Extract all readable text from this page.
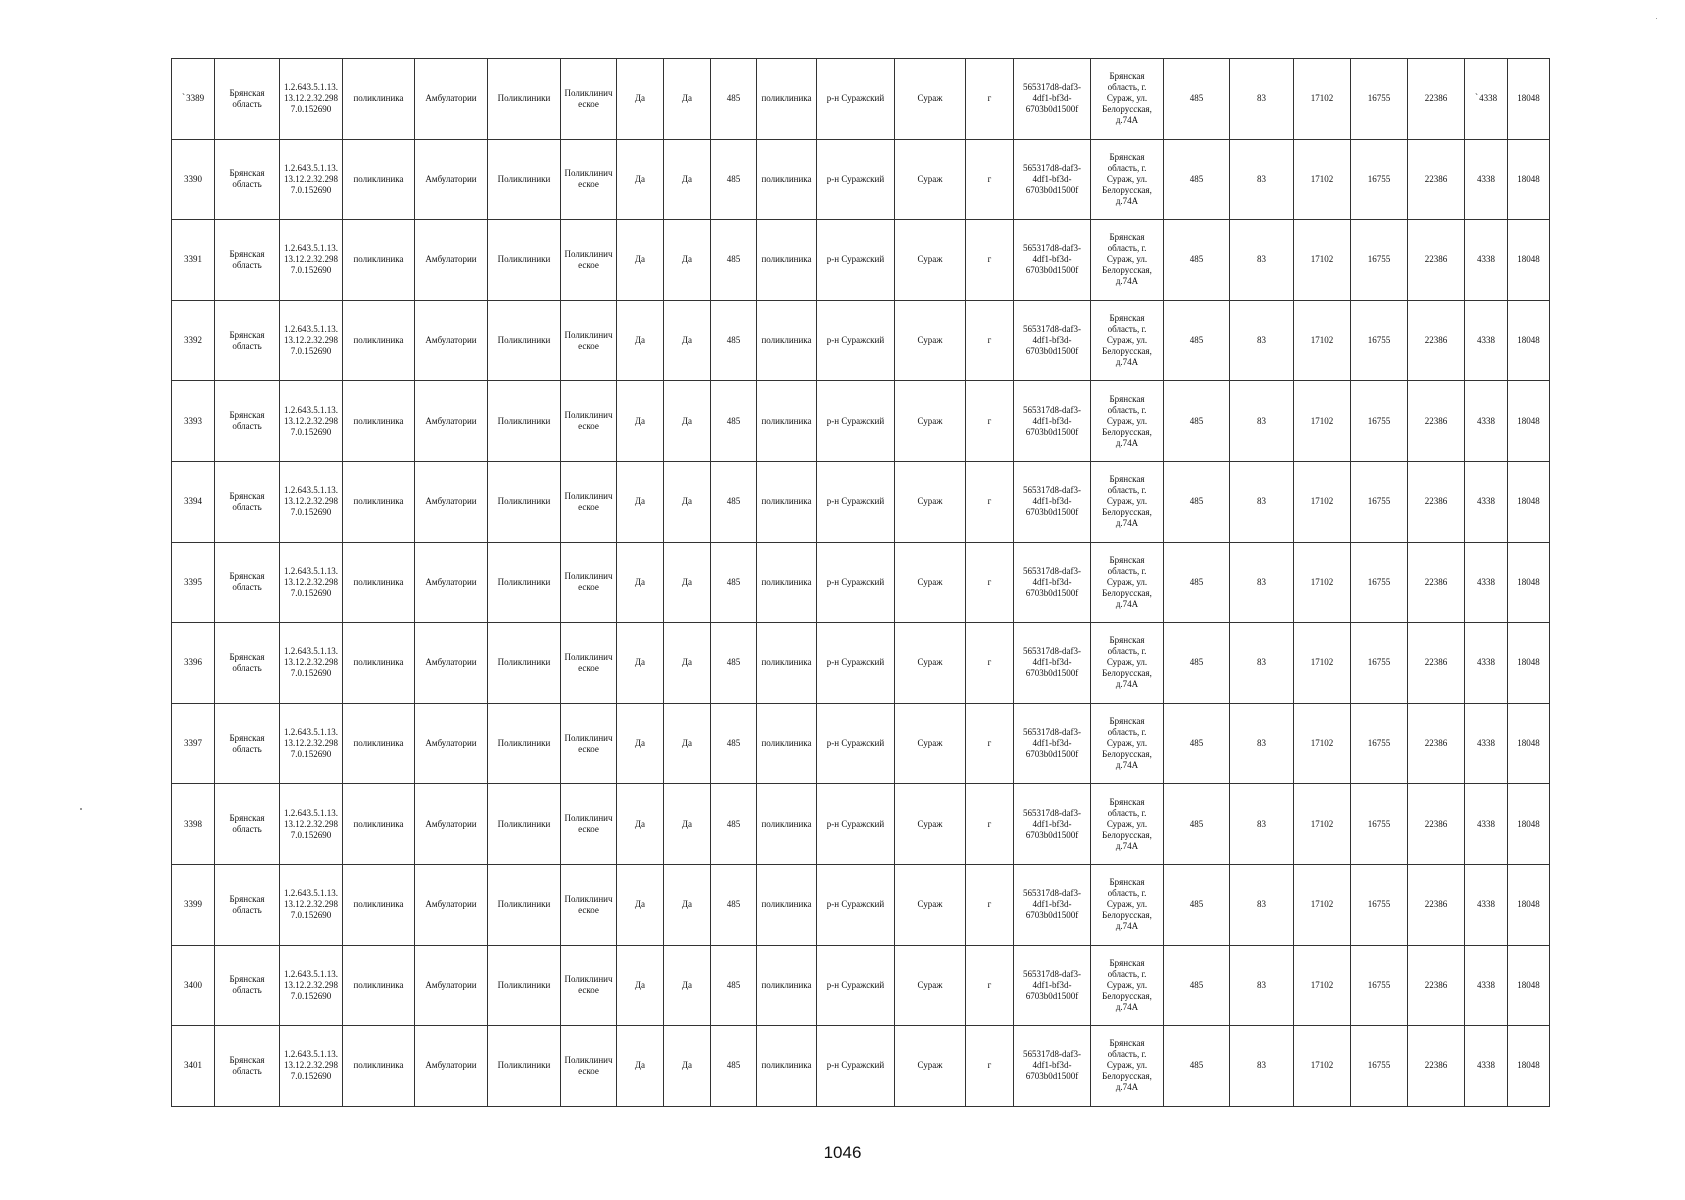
`3389	Брянская область	1.2.643.5.1.13.13.12.2.32.298 7.0.152690	поликлиника	Амбулатории	Поликлиники	Поликлиническое	Да	Да	485	поликлиника	р-н Суражский	Сураж	г	565317d8-daf3-4df1-bf3d-6703b0d1500f	Брянская область, г. Сураж, ул. Белорусская, д.74А	485	83	17102	16755	22386	`4338	18048
3390	Брянская область	1.2.643.5.1.13.13.12.2.32.298 7.0.152690	поликлиника	Амбулатории	Поликлиники	Поликлиническое	Да	Да	485	поликлиника	р-н Суражский	Сураж	г	565317d8-daf3-4df1-bf3d-6703b0d1500f	Брянская область, г. Сураж, ул. Белорусская, д.74А	485	83	17102	16755	22386	4338	18048
3391	Брянская область	1.2.643.5.1.13.13.12.2.32.298 7.0.152690	поликлиника	Амбулатории	Поликлиники	Поликлиническое	Да	Да	485	поликлиника	р-н Суражский	Сураж	г	565317d8-daf3-4df1-bf3d-6703b0d1500f	Брянская область, г. Сураж, ул. Белорусская, д.74А	485	83	17102	16755	22386	4338	18048
3392	Брянская область	1.2.643.5.1.13.13.12.2.32.298 7.0.152690	поликлиника	Амбулатории	Поликлиники	Поликлиническое	Да	Да	485	поликлиника	р-н Суражский	Сураж	г	565317d8-daf3-4df1-bf3d-6703b0d1500f	Брянская область, г. Сураж, ул. Белорусская, д.74А	485	83	17102	16755	22386	4338	18048
3393	Брянская область	1.2.643.5.1.13.13.12.2.32.298 7.0.152690	поликлиника	Амбулатории	Поликлиники	Поликлиническое	Да	Да	485	поликлиника	р-н Суражский	Сураж	г	565317d8-daf3-4df1-bf3d-6703b0d1500f	Брянская область, г. Сураж, ул. Белорусская, д.74А	485	83	17102	16755	22386	4338	18048
3394	Брянская область	1.2.643.5.1.13.13.12.2.32.298 7.0.152690	поликлиника	Амбулатории	Поликлиники	Поликлиническое	Да	Да	485	поликлиника	р-н Суражский	Сураж	г	565317d8-daf3-4df1-bf3d-6703b0d1500f	Брянская область, г. Сураж, ул. Белорусская, д.74А	485	83	17102	16755	22386	4338	18048
3395	Брянская область	1.2.643.5.1.13.13.12.2.32.298 7.0.152690	поликлиника	Амбулатории	Поликлиники	Поликлиническое	Да	Да	485	поликлиника	р-н Суражский	Сураж	г	565317d8-daf3-4df1-bf3d-6703b0d1500f	Брянская область, г. Сураж, ул. Белорусская, д.74А	485	83	17102	16755	22386	4338	18048
3396	Брянская область	1.2.643.5.1.13.13.12.2.32.298 7.0.152690	поликлиника	Амбулатории	Поликлиники	Поликлиническое	Да	Да	485	поликлиника	р-н Суражский	Сураж	г	565317d8-daf3-4df1-bf3d-6703b0d1500f	Брянская область, г. Сураж, ул. Белорусская, д.74А	485	83	17102	16755	22386	4338	18048
3397	Брянская область	1.2.643.5.1.13.13.12.2.32.298 7.0.152690	поликлиника	Амбулатории	Поликлиники	Поликлиническое	Да	Да	485	поликлиника	р-н Суражский	Сураж	г	565317d8-daf3-4df1-bf3d-6703b0d1500f	Брянская область, г. Сураж, ул. Белорусская, д.74А	485	83	17102	16755	22386	4338	18048
3398	Брянская область	1.2.643.5.1.13.13.12.2.32.298 7.0.152690	поликлиника	Амбулатории	Поликлиники	Поликлиническое	Да	Да	485	поликлиника	р-н Суражский	Сураж	г	565317d8-daf3-4df1-bf3d-6703b0d1500f	Брянская область, г. Сураж, ул. Белорусская, д.74А	485	83	17102	16755	22386	4338	18048
3399	Брянская область	1.2.643.5.1.13.13.12.2.32.298 7.0.152690	поликлиника	Амбулатории	Поликлиники	Поликлиническое	Да	Да	485	поликлиника	р-н Суражский	Сураж	г	565317d8-daf3-4df1-bf3d-6703b0d1500f	Брянская область, г. Сураж, ул. Белорусская, д.74А	485	83	17102	16755	22386	4338	18048
3400	Брянская область	1.2.643.5.1.13.13.12.2.32.298 7.0.152690	поликлиника	Амбулатории	Поликлиники	Поликлиническое	Да	Да	485	поликлиника	р-н Суражский	Сураж	г	565317d8-daf3-4df1-bf3d-6703b0d1500f	Брянская область, г. Сураж, ул. Белорусская, д.74А	485	83	17102	16755	22386	4338	18048
3401	Брянская область	1.2.643.5.1.13.13.12.2.32.298 7.0.152690	поликлиника	Амбулатории	Поликлиники	Поликлиническое	Да	Да	485	поликлиника	р-н Суражский	Сураж	г	565317d8-daf3-4df1-bf3d-6703b0d1500f	Брянская область, г. Сураж, ул. Белорусская, д.74А	485	83	17102	16755	22386	4338	18048
1046
